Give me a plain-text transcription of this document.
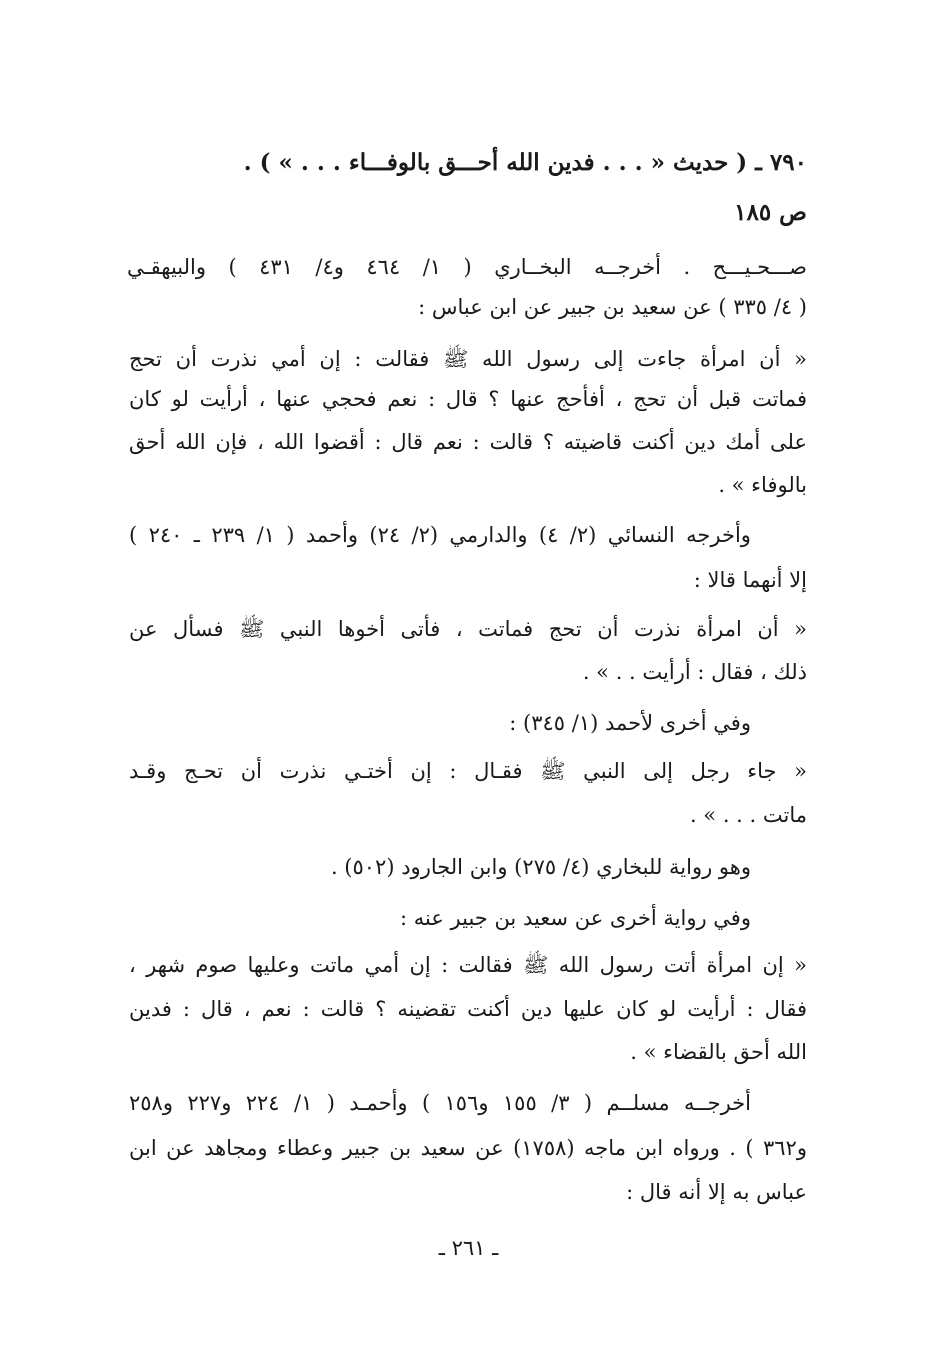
٧٩٠ ـ ( حديث « . . . فدين الله أحـــق بالوفـــاء . . . » ) .
ص ١٨٥
صـــحـيـــح . أخرجــه البخــاري ( ١/ ٤٦٤ و٤/ ٤٣١ ) والبيهقـي
( ٤/ ٣٣٥ ) عن سعيد بن جبير عن ابن عباس :
« أن امرأة جاءت إلى رسول الله ﷺ فقالت : إن أمي نذرت أن تحج
فماتت قبل أن تحج ، أفأحج عنها ؟ قال : نعم فحجي عنها ، أرأيت لو كان
على أمك دين أكنت قاضيته ؟ قالت : نعم قال : أقضوا الله ، فإن الله أحق
بالوفاء » .
وأخرجه النسائي (٢/ ٤) والدارمي (٢/ ٢٤) وأحمد ( ١/ ٢٣٩ ـ ٢٤٠ )
إلا أنهما قالا :
« أن امرأة نذرت أن تحج فماتت ، فأتى أخوها النبي ﷺ فسأل عن
ذلك ، فقال : أرأيت . . » .
وفي أخرى لأحمد (١/ ٣٤٥) :
« جاء رجل إلى النبي ﷺ فقـال : إن أختـي نذرت أن تحـج وقـد
ماتت . . . » .
وهو رواية للبخاري (٤/ ٢٧٥) وابن الجارود (٥٠٢) .
وفي رواية أخرى عن سعيد بن جبير عنه :
« إن امرأة أتت رسول الله ﷺ فقالت : إن أمي ماتت وعليها صوم شهر ،
فقال : أرأيت لو كان عليها دين أكنت تقضينه ؟ قالت : نعم ، قال : فدين
الله أحق بالقضاء » .
أخرجــه مسلــم ( ٣/ ١٥٥ و١٥٦ ) وأحمـد ( ١/ ٢٢٤ و٢٢٧ و٢٥٨
و٣٦٢ ) . ورواه ابن ماجه (١٧٥٨) عن سعيد بن جبير وعطاء ومجاهد عن ابن
عباس به إلا أنه قال :
ـ ٢٦١ ـ
